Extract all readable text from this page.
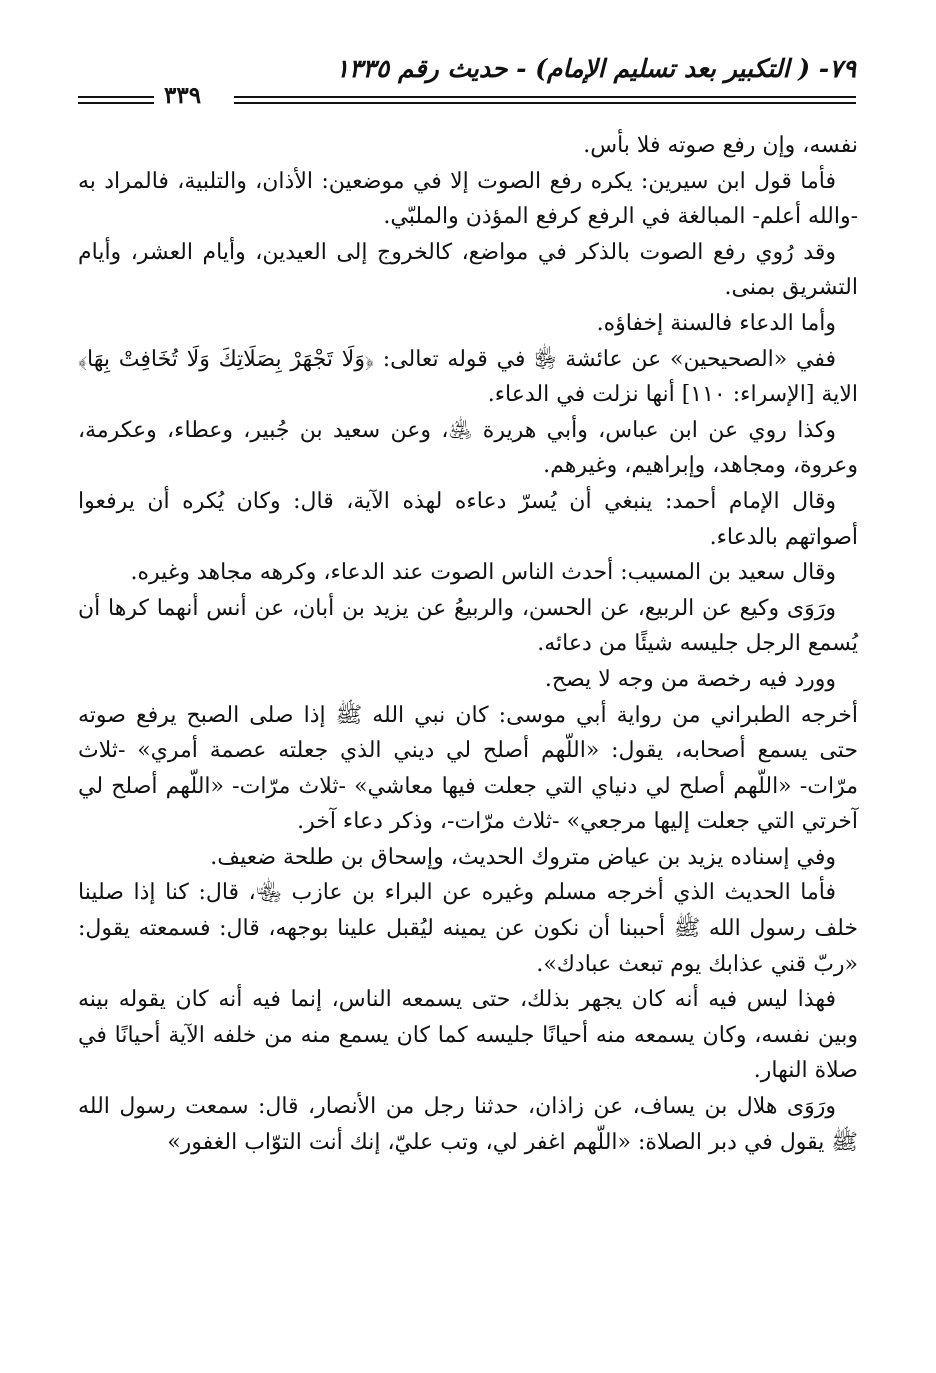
٧٩- ( التكبير بعد تسليم الإمام) - حديث رقم ١٣٣٥
٣٣٩

نفسه، وإن رفع صوته فلا بأس.

فأما قول ابن سيرين: يكره رفع الصوت إلا في موضعين: الأذان، والتلبية، فالمراد به -والله أعلم- المبالغة في الرفع كرفع المؤذن والملبّي.

وقد رُوي رفع الصوت بالذكر في مواضع، كالخروج إلى العيدين، وأيام العشر، وأيام التشريق بمنى.

وأما الدعاء فالسنة إخفاؤه.

ففي «الصحيحين» عن عائشة ﵂ في قوله تعالى: ﴿وَلَا تَجْهَرْ بِصَلَاتِكَ وَلَا تُخَافِتْ بِهَا﴾ الاية [الإسراء: ١١٠] أنها نزلت في الدعاء.

وكذا روي عن ابن عباس، وأبي هريرة ﵁، وعن سعيد بن جُبير، وعطاء، وعكرمة، وعروة، ومجاهد، وإبراهيم، وغيرهم.

وقال الإمام أحمد: ينبغي أن يُسرّ دعاءه لهذه الآية، قال: وكان يُكره أن يرفعوا أصواتهم بالدعاء.

وقال سعيد بن المسيب: أحدث الناس الصوت عند الدعاء، وكرهه مجاهد وغيره.

ورَوَى وكيع عن الربيع، عن الحسن، والربيعُ عن يزيد بن أبان، عن أنس أنهما كرها أن يُسمع الرجل جليسه شيئًا من دعائه.

وورد فيه رخصة من وجه لا يصح.

أخرجه الطبراني من رواية أبي موسى: كان نبي الله ﷺ إذا صلى الصبح يرفع صوته حتى يسمع أصحابه، يقول: «اللّهم أصلح لي ديني الذي جعلته عصمة أمري» -ثلاث مرّات- «اللّهم أصلح لي دنياي التي جعلت فيها معاشي» -ثلاث مرّات- «اللّهم أصلح لي آخرتي التي جعلت إليها مرجعي» -ثلاث مرّات-، وذكر دعاء آخر.

وفي إسناده يزيد بن عياض متروك الحديث، وإسحاق بن طلحة ضعيف.

فأما الحديث الذي أخرجه مسلم وغيره عن البراء بن عازب ﵄، قال: كنا إذا صلينا خلف رسول الله ﷺ أحببنا أن نكون عن يمينه ليُقبل علينا بوجهه، قال: فسمعته يقول: «ربّ قني عذابك يوم تبعث عبادك».

فهذا ليس فيه أنه كان يجهر بذلك، حتى يسمعه الناس، إنما فيه أنه كان يقوله بينه وبين نفسه، وكان يسمعه منه أحيانًا جليسه كما كان يسمع منه من خلفه الآية أحيانًا في صلاة النهار.

ورَوَى هلال بن يساف، عن زاذان، حدثنا رجل من الأنصار، قال: سمعت رسول الله ﷺ يقول في دبر الصلاة: «اللّهم اغفر لي، وتب عليّ، إنك أنت التوّاب الغفور»
